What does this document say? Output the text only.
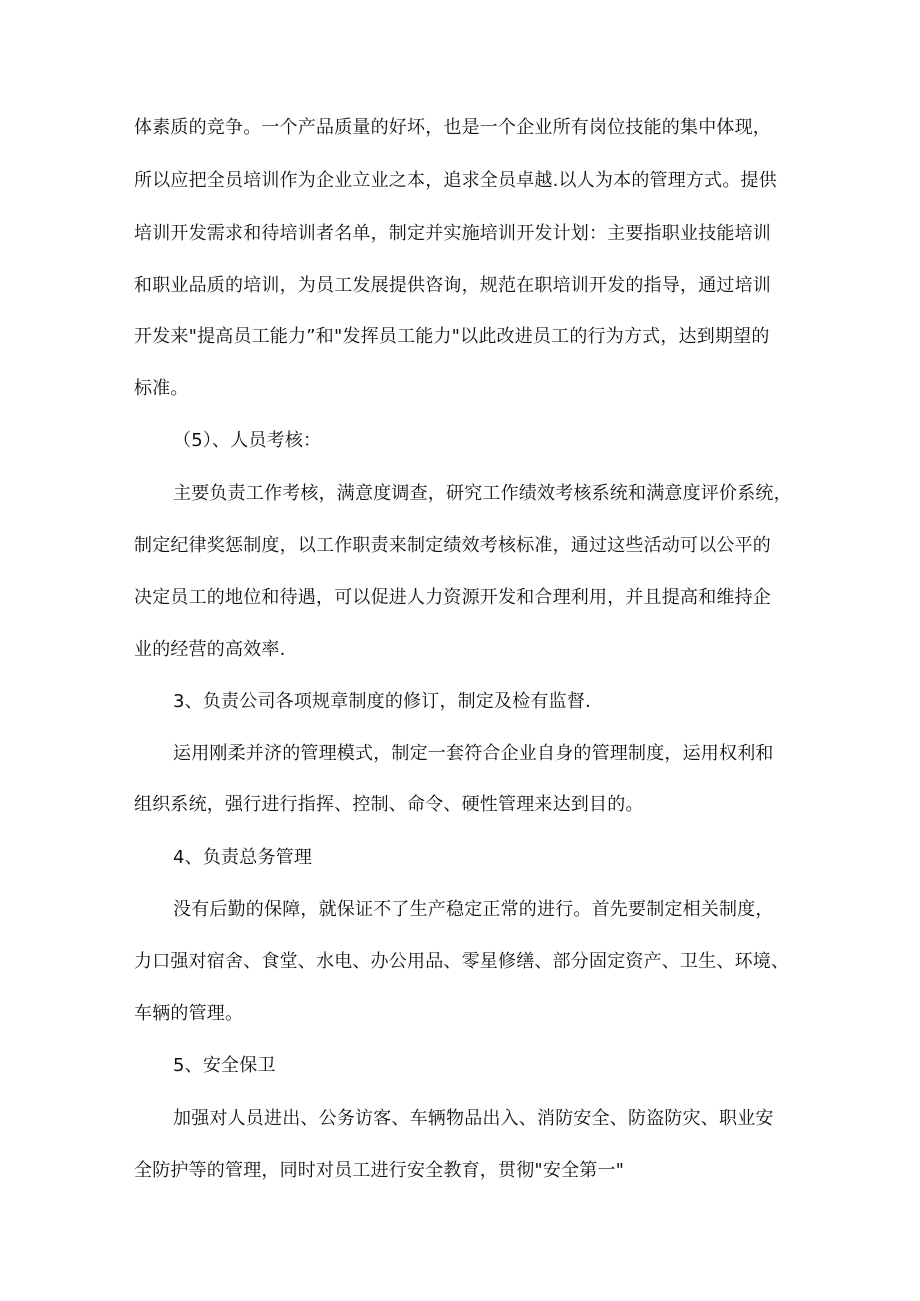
体素质的竞争。一个产品质量的好坏，也是一个企业所有岗位技能的集中体现，
所以应把全员培训作为企业立业之本，追求全员卓越.以人为本的管理方式。提供
培训开发需求和待培训者名单，制定并实施培训开发计划：主要指职业技能培训
和职业品质的培训，为员工发展提供咨询，规范在职培训开发的指导，通过培训
开发来"提高员工能力”和"发挥员工能力"以此改进员工的行为方式，达到期望的
标准。
（5）、人员考核：
主要负责工作考核，满意度调查，研究工作绩效考核系统和满意度评价系统，
制定纪律奖惩制度，以工作职责来制定绩效考核标准，通过这些活动可以公平的
决定员工的地位和待遇，可以促进人力资源开发和合理利用，并且提高和维持企
业的经营的高效率.
3、负责公司各项规章制度的修订，制定及检有监督.
运用刚柔并济的管理模式，制定一套符合企业自身的管理制度，运用权利和
组织系统，强行进行指挥、控制、命令、硬性管理来达到目的。
4、负责总务管理
没有后勤的保障，就保证不了生产稳定正常的进行。首先要制定相关制度，
力口强对宿舍、食堂、水电、办公用品、零星修缮、部分固定资产、卫生、环境、
车辆的管理。
5、安全保卫
加强对人员进出、公务访客、车辆物品出入、消防安全、防盗防灾、职业安
全防护等的管理，同时对员工进行安全教育，贯彻"安全第一"
